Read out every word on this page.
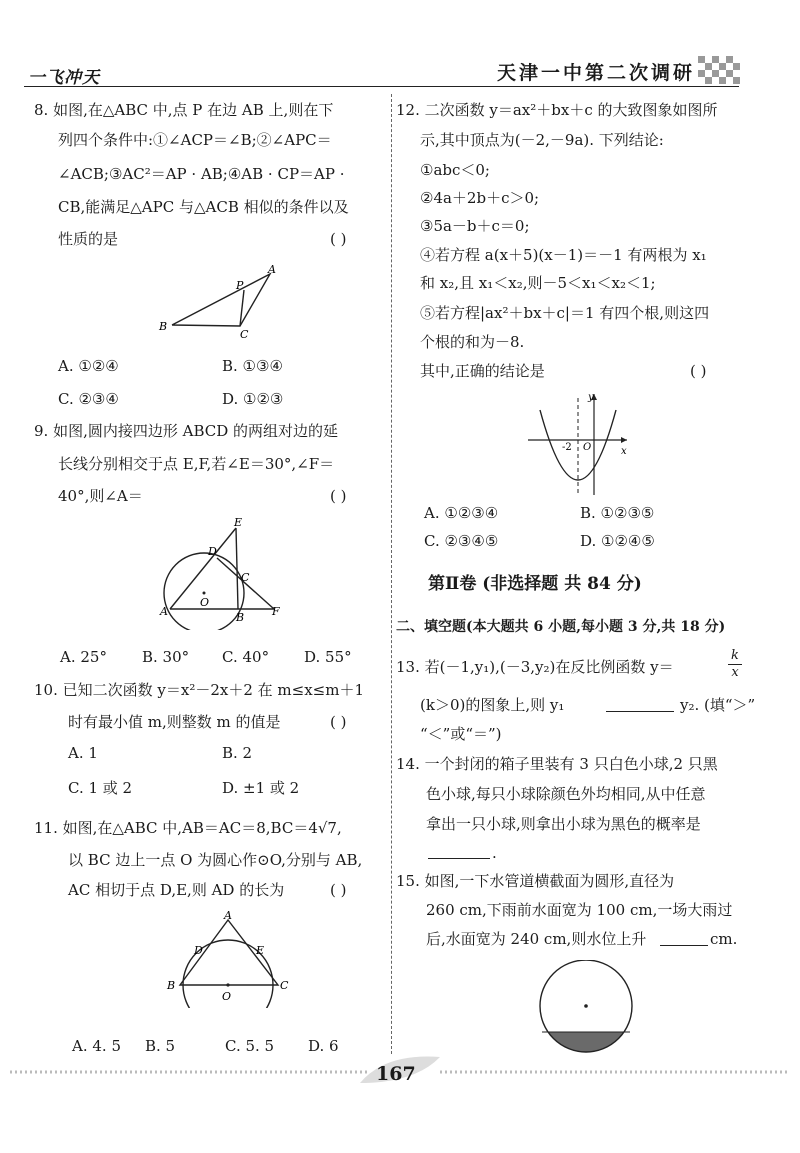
一飞冲天	天津一中第二次调研
8. 如图,在△ABC 中,点 P 在边 AB 上,则在下
列四个条件中:①∠ACP＝∠B;②∠APC＝
∠ACB;③AC²＝AP · AB;④AB · CP＝AP ·
CB,能满足△APC 与△ACB 相似的条件以及
性质的是	( )
A
P
B
C
A. ①②④	B. ①③④
C. ②③④	D. ①②③
9. 如图,圆内接四边形 ABCD 的两组对边的延
长线分别相交于点 E,F,若∠E＝30°,∠F＝
40°,则∠A＝	( )
E
D
C
O
A	B	F
A. 25° B. 30° C. 40° D. 55°
10. 已知二次函数 y＝x²－2x＋2 在 m≤x≤m＋1
时有最小值 m,则整数 m 的值是	( )
A. 1	B. 2
C. 1 或 2	D. ±1 或 2
11. 如图,在△ABC 中,AB＝AC＝8,BC＝4√7,
以 BC 边上一点 O 为圆心作⊙O,分别与 AB,
AC 相切于点 D,E,则 AD 的长为	( )
A
D	E
B
O
C
A. 4. 5 B. 5	C. 5. 5 D. 6
12. 二次函数 y＝ax²＋bx＋c 的大致图象如图所
示,其中顶点为(－2,－9a). 下列结论:
①abc＜0;
②4a＋2b＋c＞0;
③5a－b＋c＝0;
④若方程 a(x＋5)(x－1)＝－1 有两根为 x₁
和 x₂,且 x₁＜x₂,则－5＜x₁＜x₂＜1;
⑤若方程|ax²＋bx＋c|＝1 有四个根,则这四
个根的和为－8.
其中,正确的结论是	( )
y
x
-2 O
A. ①②③④	B. ①②③⑤
C. ②③④⑤	D. ①②④⑤
第Ⅱ卷 (非选择题 共 84 分)
二、填空题(本大题共 6 小题,每小题 3 分,共 18 分)
13. 若(－1,y₁),(－3,y₂)在反比例函数 y＝	$\frac{k}{x}$
(k＞0)的图象上,则 y₁	y₂. (填“＞”
“＜”或“＝”)
14. 一个封闭的箱子里装有 3 只白色小球,2 只黑
色小球,每只小球除颜色外均相同,从中任意
拿出一只小球,则拿出小球为黑色的概率是
.
15. 如图,一下水管道横截面为圆形,直径为
260 cm,下雨前水面宽为 100 cm,一场大雨过
后,水面宽为 240 cm,则水位上升	cm.
167
